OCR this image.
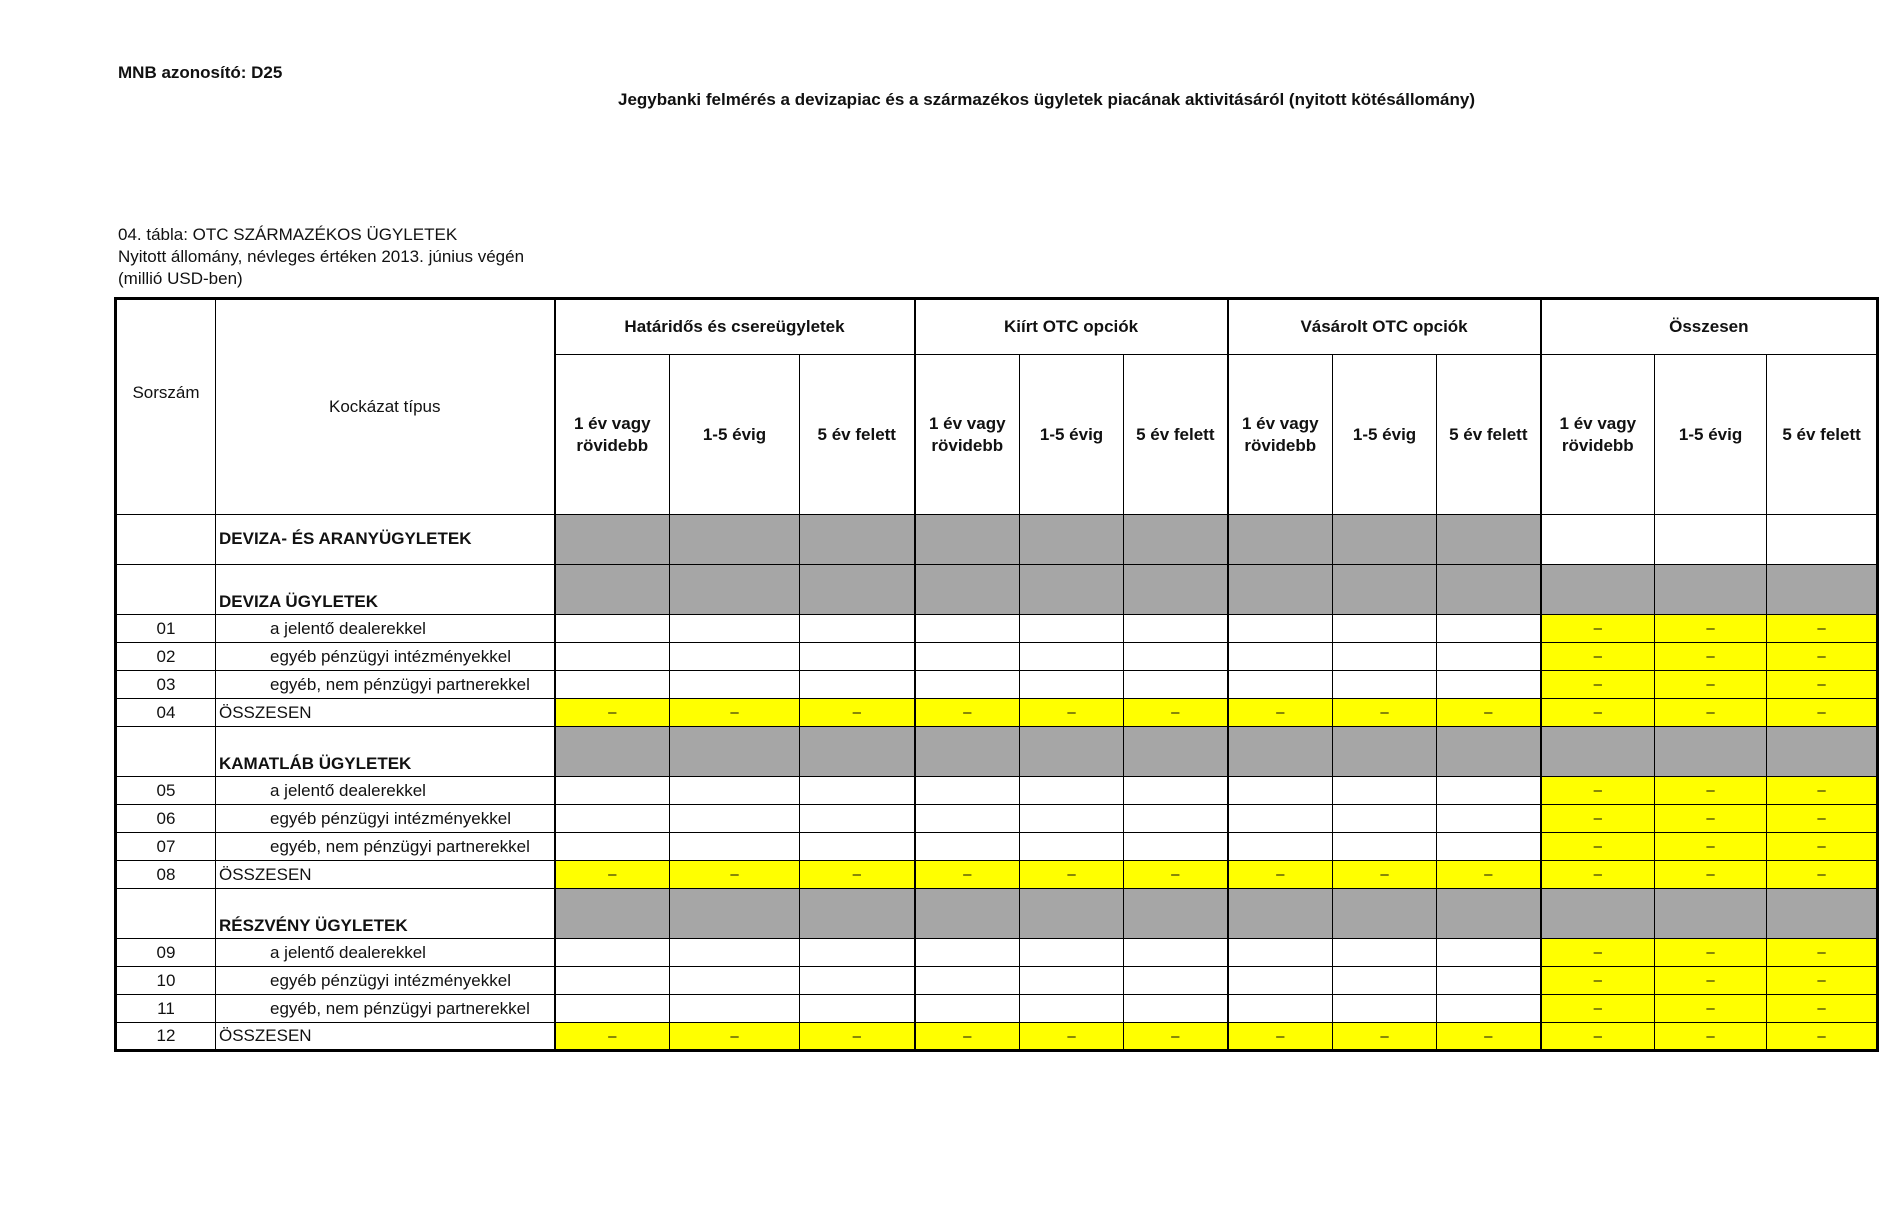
MNB azonosító: D25
Jegybanki felmérés a devizapiac és a származékos ügyletek piacának aktivitásáról (nyitott kötésállomány)
04. tábla: OTC SZÁRMAZÉKOS ÜGYLETEK
Nyitott állomány, névleges értéken 2013. június végén
(millió USD-ben)
Sorszám	Kockázat típus	Határidős és csereügyletek			Kiírt OTC opciók			Vásárolt OTC opciók			Összesen		
		1 év vagy rövidebb	1-5 évig	5 év felett	1 év vagy rövidebb	1-5 évig	5 év felett	1 év vagy rövidebb	1-5 évig	5 év felett	1 év vagy rövidebb	1-5 évig	5 év felett
	DEVIZA- ÉS ARANYÜGYLETEK												
	DEVIZA ÜGYLETEK												
01	a jelentő dealerekkel										–	–	–
02	egyéb pénzügyi intézményekkel										–	–	–
03	egyéb, nem pénzügyi partnerekkel										–	–	–
04	ÖSSZESEN	–	–	–	–	–	–	–	–	–	–	–	–
	KAMATLÁB ÜGYLETEK												
05	a jelentő dealerekkel										–	–	–
06	egyéb pénzügyi intézményekkel										–	–	–
07	egyéb, nem pénzügyi partnerekkel										–	–	–
08	ÖSSZESEN	–	–	–	–	–	–	–	–	–	–	–	–
	RÉSZVÉNY ÜGYLETEK												
09	a jelentő dealerekkel										–	–	–
10	egyéb pénzügyi intézményekkel										–	–	–
11	egyéb, nem pénzügyi partnerekkel										–	–	–
12	ÖSSZESEN	–	–	–	–	–	–	–	–	–	–	–	–
